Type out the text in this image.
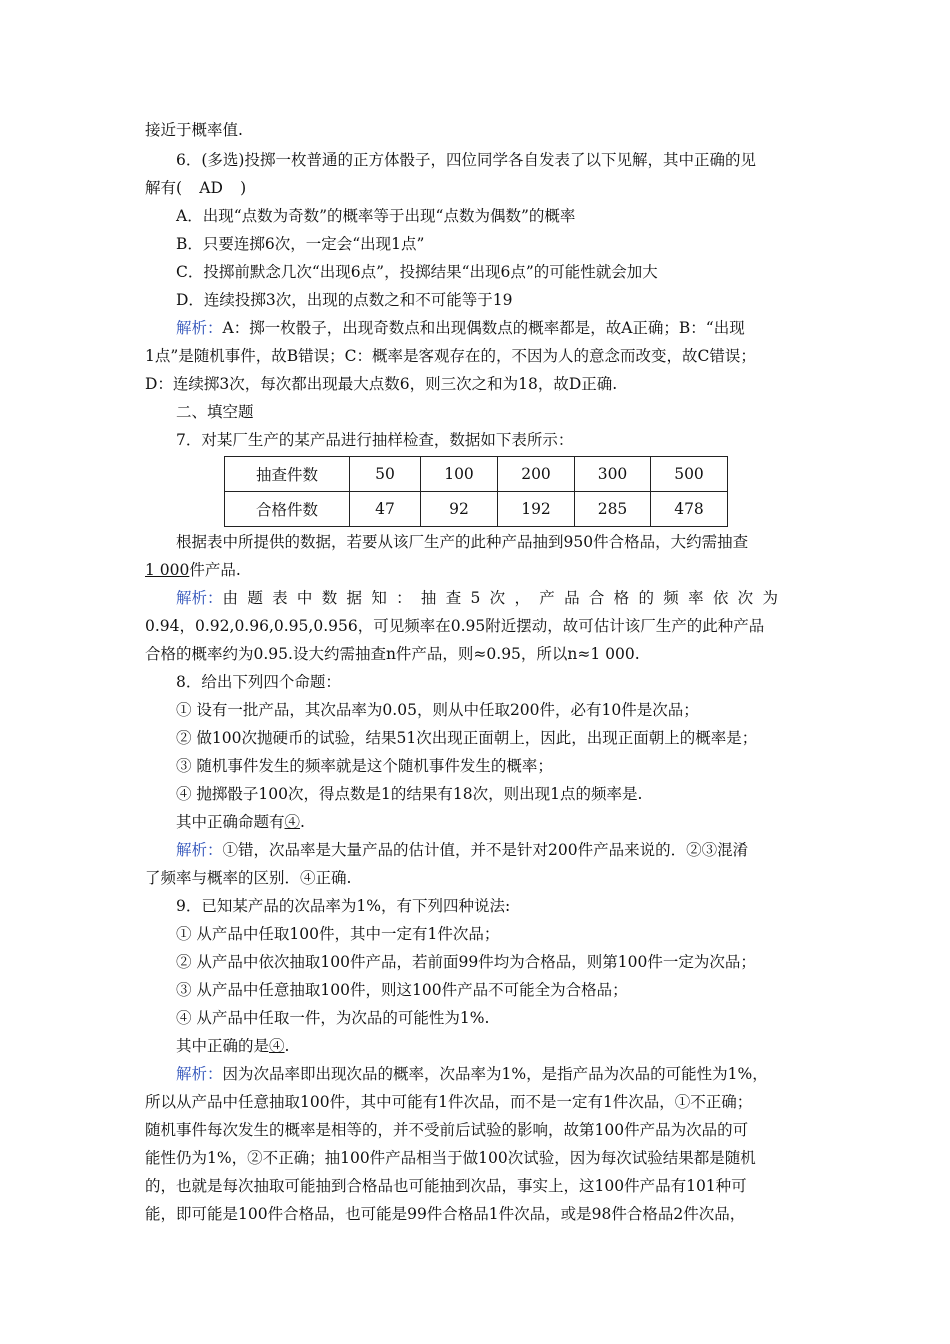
接近于概率值.
6．(多选)投掷一枚普通的正方体骰子，四位同学各自发表了以下见解，其中正确的见
解有( AD )
A．出现“点数为奇数”的概率等于出现“点数为偶数”的概率
B．只要连掷6次，一定会“出现1点”
C．投掷前默念几次“出现6点”，投掷结果“出现6点”的可能性就会加大
D．连续投掷3次，出现的点数之和不可能等于19
解析：A：掷一枚骰子，出现奇数点和出现偶数点的概率都是，故A正确；B：“出现
1点”是随机事件，故B错误；C：概率是客观存在的，不因为人的意念而改变，故C错误；
D：连续掷3次，每次都出现最大点数6，则三次之和为18，故D正确.
二、填空题
7．对某厂生产的某产品进行抽样检查，数据如下表所示：
抽查件数	50	100	200	300	500
合格件数	47	92	192	285	478
根据表中所提供的数据，若要从该厂生产的此种产品抽到950件合格品，大约需抽查
1 000件产品.
解析：由题表中数据知：抽查5次，产品合格的频率依次为
0.94，0.92,0.96,0.95,0.956，可见频率在0.95附近摆动，故可估计该厂生产的此种产品
合格的概率约为0.95.设大约需抽查n件产品，则≈0.95，所以n≈1 000.
8．给出下列四个命题：
① 设有一批产品，其次品率为0.05，则从中任取200件，必有10件是次品；
② 做100次抛硬币的试验，结果51次出现正面朝上，因此，出现正面朝上的概率是；
③ 随机事件发生的频率就是这个随机事件发生的概率；
④ 抛掷骰子100次，得点数是1的结果有18次，则出现1点的频率是.
其中正确命题有④.
解析：①错，次品率是大量产品的估计值，并不是针对200件产品来说的．②③混淆
了频率与概率的区别．④正确.
9．已知某产品的次品率为1%，有下列四种说法:
① 从产品中任取100件，其中一定有1件次品；
② 从产品中依次抽取100件产品，若前面99件均为合格品，则第100件一定为次品；
③ 从产品中任意抽取100件，则这100件产品不可能全为合格品；
④ 从产品中任取一件，为次品的可能性为1%.
其中正确的是④.
解析：因为次品率即出现次品的概率，次品率为1%，是指产品为次品的可能性为1%，
所以从产品中任意抽取100件，其中可能有1件次品，而不是一定有1件次品，①不正确；
随机事件每次发生的概率是相等的，并不受前后试验的影响，故第100件产品为次品的可
能性仍为1%，②不正确；抽100件产品相当于做100次试验，因为每次试验结果都是随机
的，也就是每次抽取可能抽到合格品也可能抽到次品，事实上，这100件产品有101种可
能，即可能是100件合格品，也可能是99件合格品1件次品，或是98件合格品2件次品，
